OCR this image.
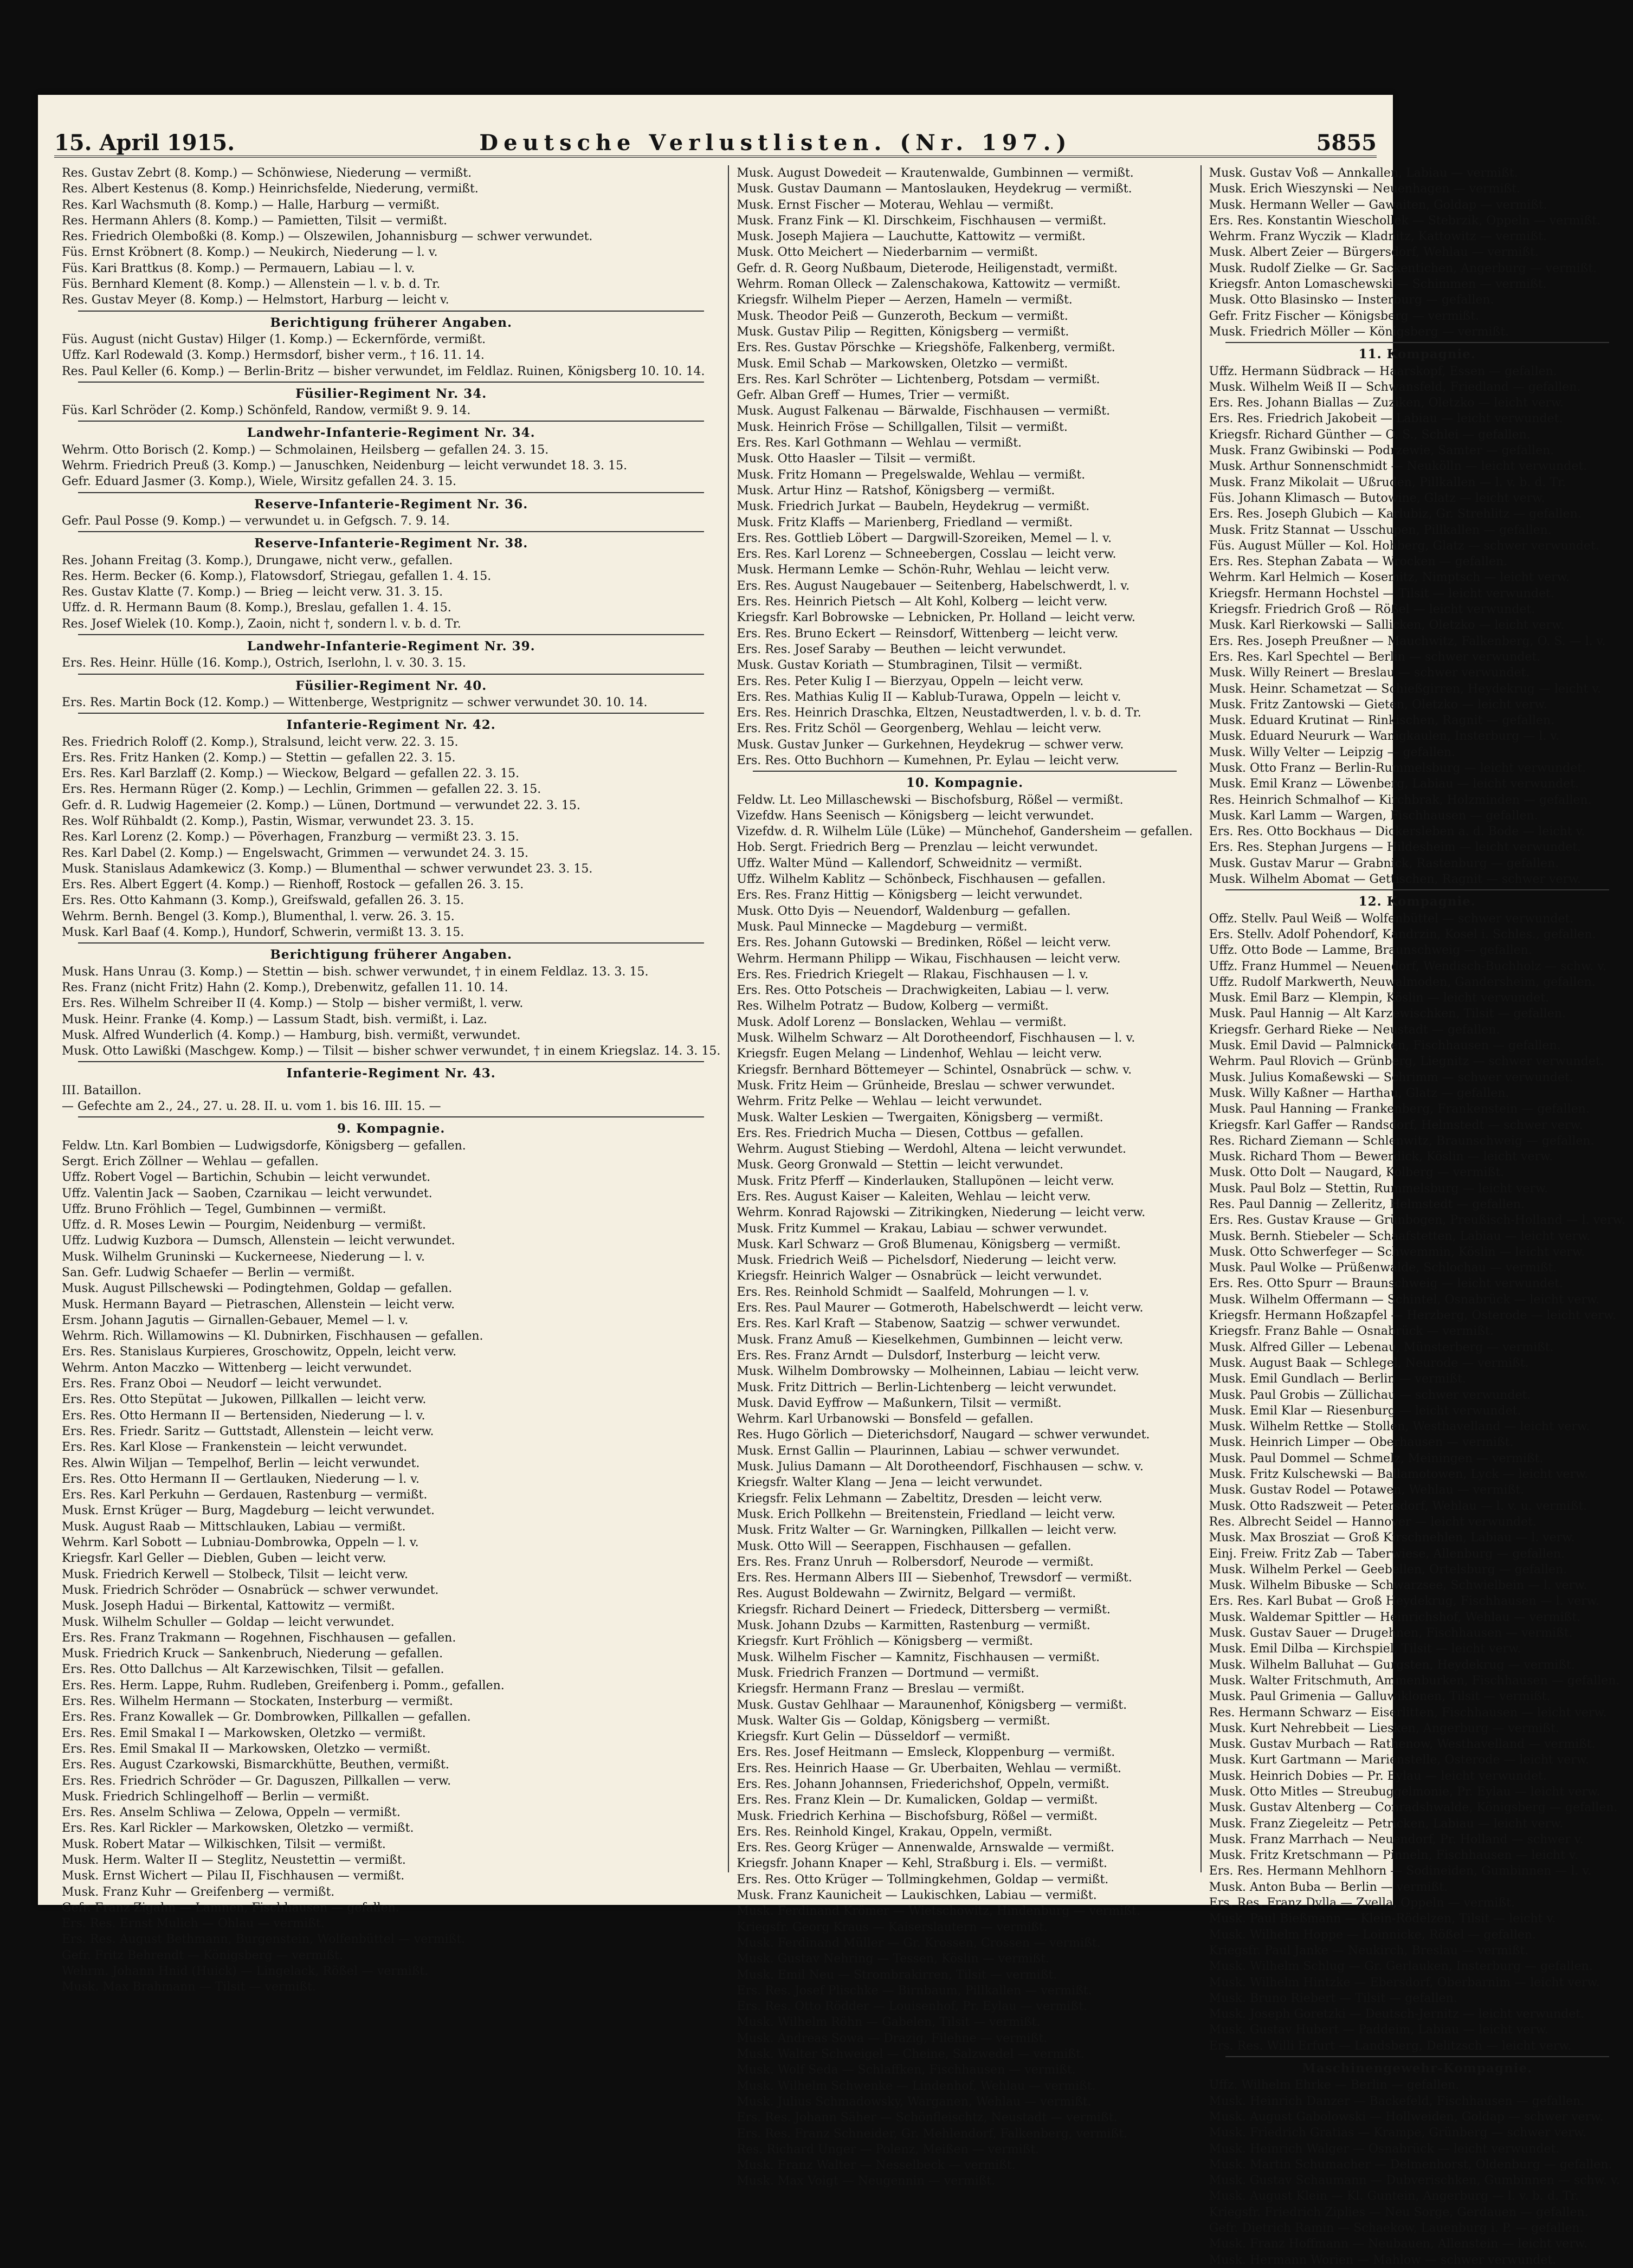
15. April 1915.	Deutsche Verlustlisten. (Nr. 197.)	5855
Res. Gustav Zebrt (8. Komp.) — Schönwiese, Niederung — vermißt.
Res. Albert Kestenus (8. Komp.) Heinrichsfelde, Niederung, vermißt.
Res. Karl Wachsmuth (8. Komp.) — Halle, Harburg — vermißt.
Res. Hermann Ahlers (8. Komp.) — Pamietten, Tilsit — vermißt.
Res. Friedrich Olemboßki (8. Komp.) — Olszewilen, Johannisburg — schwer verwundet.
Füs. Ernst Kröbnert (8. Komp.) — Neukirch, Niederung — l. v.
Füs. Kari Brattkus (8. Komp.) — Permauern, Labiau — l. v.
Füs. Bernhard Klement (8. Komp.) — Allenstein — l. v. b. d. Tr.
Res. Gustav Meyer (8. Komp.) — Helmstort, Harburg — leicht v.
Berichtigung früherer Angaben.
Füs. August (nicht Gustav) Hilger (1. Komp.) — Eckernförde, vermißt.
Uffz. Karl Rodewald (3. Komp.) Hermsdorf, bisher verm., † 16. 11. 14.
Res. Paul Keller (6. Komp.) — Berlin-Britz — bisher verwundet, im Feldlaz. Ruinen, Königsberg 10. 10. 14.
Füsilier-Regiment Nr. 34.
Füs. Karl Schröder (2. Komp.) Schönfeld, Randow, vermißt 9. 9. 14.
Landwehr-Infanterie-Regiment Nr. 34.
Wehrm. Otto Borisch (2. Komp.) — Schmolainen, Heilsberg — gefallen 24. 3. 15.
Wehrm. Friedrich Preuß (3. Komp.) — Januschken, Neidenburg — leicht verwundet 18. 3. 15.
Gefr. Eduard Jasmer (3. Komp.), Wiele, Wirsitz gefallen 24. 3. 15.
Reserve-Infanterie-Regiment Nr. 36.
Gefr. Paul Posse (9. Komp.) — verwundet u. in Gefgsch. 7. 9. 14.
Reserve-Infanterie-Regiment Nr. 38.
Res. Johann Freitag (3. Komp.), Drungawe, nicht verw., gefallen.
Res. Herm. Becker (6. Komp.), Flatowsdorf, Striegau, gefallen 1. 4. 15.
Res. Gustav Klatte (7. Komp.) — Brieg — leicht verw. 31. 3. 15.
Uffz. d. R. Hermann Baum (8. Komp.), Breslau, gefallen 1. 4. 15.
Res. Josef Wielek (10. Komp.), Zaoin, nicht †, sondern l. v. b. d. Tr.
Landwehr-Infanterie-Regiment Nr. 39.
Ers. Res. Heinr. Hülle (16. Komp.), Ostrich, Iserlohn, l. v. 30. 3. 15.
Füsilier-Regiment Nr. 40.
Ers. Res. Martin Bock (12. Komp.) — Wittenberge, Westprignitz — schwer verwundet 30. 10. 14.
Infanterie-Regiment Nr. 42.
Res. Friedrich Roloff (2. Komp.), Stralsund, leicht verw. 22. 3. 15.
Ers. Res. Fritz Hanken (2. Komp.) — Stettin — gefallen 22. 3. 15.
Ers. Res. Karl Barzlaff (2. Komp.) — Wieckow, Belgard — gefallen 22. 3. 15.
Ers. Res. Hermann Rüger (2. Komp.) — Lechlin, Grimmen — gefallen 22. 3. 15.
Gefr. d. R. Ludwig Hagemeier (2. Komp.) — Lünen, Dortmund — verwundet 22. 3. 15.
Res. Wolf Rühbaldt (2. Komp.), Pastin, Wismar, verwundet 23. 3. 15.
Res. Karl Lorenz (2. Komp.) — Pöverhagen, Franzburg — vermißt 23. 3. 15.
Res. Karl Dabel (2. Komp.) — Engelswacht, Grimmen — verwundet 24. 3. 15.
Musk. Stanislaus Adamkewicz (3. Komp.) — Blumenthal — schwer verwundet 23. 3. 15.
Ers. Res. Albert Eggert (4. Komp.) — Rienhoff, Rostock — gefallen 26. 3. 15.
Ers. Res. Otto Kahmann (3. Komp.), Greifswald, gefallen 26. 3. 15.
Wehrm. Bernh. Bengel (3. Komp.), Blumenthal, l. verw. 26. 3. 15.
Musk. Karl Baaf (4. Komp.), Hundorf, Schwerin, vermißt 13. 3. 15.
Berichtigung früherer Angaben.
Musk. Hans Unrau (3. Komp.) — Stettin — bish. schwer verwundet, † in einem Feldlaz. 13. 3. 15.
Res. Franz (nicht Fritz) Hahn (2. Komp.), Drebenwitz, gefallen 11. 10. 14.
Ers. Res. Wilhelm Schreiber II (4. Komp.) — Stolp — bisher vermißt, l. verw.
Musk. Heinr. Franke (4. Komp.) — Lassum Stadt, bish. vermißt, i. Laz.
Musk. Alfred Wunderlich (4. Komp.) — Hamburg, bish. vermißt, verwundet.
Musk. Otto Lawißki (Maschgew. Komp.) — Tilsit — bisher schwer verwundet, † in einem Kriegslaz. 14. 3. 15.
Infanterie-Regiment Nr. 43.
III. Bataillon.
— Gefechte am 2., 24., 27. u. 28. II. u. vom 1. bis 16. III. 15. —
9. Kompagnie.
Feldw. Ltn. Karl Bombien — Ludwigsdorfe, Königsberg — gefallen.
Sergt. Erich Zöllner — Wehlau — gefallen.
Uffz. Robert Vogel — Bartichin, Schubin — leicht verwundet.
Uffz. Valentin Jack — Saoben, Czarnikau — leicht verwundet.
Uffz. Bruno Fröhlich — Tegel, Gumbinnen — vermißt.
Uffz. d. R. Moses Lewin — Pourgim, Neidenburg — vermißt.
Uffz. Ludwig Kuzbora — Dumsch, Allenstein — leicht verwundet.
Musk. Wilhelm Gruninski — Kuckerneese, Niederung — l. v.
San. Gefr. Ludwig Schaefer — Berlin — vermißt.
Musk. August Pillschewski — Podingtehmen, Goldap — gefallen.
Musk. Hermann Bayard — Pietraschen, Allenstein — leicht verw.
Ersm. Johann Jagutis — Girnallen-Gebauer, Memel — l. v.
Wehrm. Rich. Willamowins — Kl. Dubnirken, Fischhausen — gefallen.
Ers. Res. Stanislaus Kurpieres, Groschowitz, Oppeln, leicht verw.
Wehrm. Anton Maczko — Wittenberg — leicht verwundet.
Ers. Res. Franz Oboi — Neudorf — leicht verwundet.
Ers. Res. Otto Stepütat — Jukowen, Pillkallen — leicht verw.
Ers. Res. Otto Hermann II — Bertensiden, Niederung — l. v.
Ers. Res. Friedr. Saritz — Guttstadt, Allenstein — leicht verw.
Ers. Res. Karl Klose — Frankenstein — leicht verwundet.
Res. Alwin Wiljan — Tempelhof, Berlin — leicht verwundet.
Ers. Res. Otto Hermann II — Gertlauken, Niederung — l. v.
Ers. Res. Karl Perkuhn — Gerdauen, Rastenburg — vermißt.
Musk. Ernst Krüger — Burg, Magdeburg — leicht verwundet.
Musk. August Raab — Mittschlauken, Labiau — vermißt.
Wehrm. Karl Sobott — Lubniau-Dombrowka, Oppeln — l. v.
Kriegsfr. Karl Geller — Dieblen, Guben — leicht verw.
Musk. Friedrich Kerwell — Stolbeck, Tilsit — leicht verw.
Musk. Friedrich Schröder — Osnabrück — schwer verwundet.
Musk. Joseph Hadui — Birkental, Kattowitz — vermißt.
Musk. Wilhelm Schuller — Goldap — leicht verwundet.
Ers. Res. Franz Trakmann — Rogehnen, Fischhausen — gefallen.
Musk. Friedrich Kruck — Sankenbruch, Niederung — gefallen.
Ers. Res. Otto Dallchus — Alt Karzewischken, Tilsit — gefallen.
Ers. Res. Herm. Lappe, Ruhm. Rudleben, Greifenberg i. Pomm., gefallen.
Ers. Res. Wilhelm Hermann — Stockaten, Insterburg — vermißt.
Ers. Res. Franz Kowallek — Gr. Dombrowken, Pillkallen — gefallen.
Ers. Res. Emil Smakal I — Markowsken, Oletzko — vermißt.
Ers. Res. Emil Smakal II — Markowsken, Oletzko — vermißt.
Ers. Res. August Czarkowski, Bismarckhütte, Beuthen, vermißt.
Ers. Res. Friedrich Schröder — Gr. Daguszen, Pillkallen — verw.
Musk. Friedrich Schlingelhoff — Berlin — vermißt.
Ers. Res. Anselm Schliwa — Zelowa, Oppeln — vermißt.
Ers. Res. Karl Rickler — Markowsken, Oletzko — vermißt.
Musk. Robert Matar — Wilkischken, Tilsit — vermißt.
Musk. Herm. Walter II — Steglitz, Neustettin — vermißt.
Musk. Ernst Wichert — Pilau II, Fischhausen — vermißt.
Musk. Franz Kuhr — Greifenberg — vermißt.
Gefr. Franz Zigahn — Lamnen, Fischhausen — gefallen.
Ers. Res. Ernst Mulich — Ohlau — vermißt.
Ers. Res. August Bethmann, Burgenstein, Wolfenbüttel — vermißt.
Gefr. Fritz Behrendt — Königsberg — vermißt.
Wehrm. Johann Hnid (Huick) — Lingelack, Rößel — vermißt.
Musk. Max Brahmann — Tilsit — vermißt.
Musk. August Dowedeit — Krautenwalde, Gumbinnen — vermißt.
Musk. Gustav Daumann — Mantoslauken, Heydekrug — vermißt.
Musk. Ernst Fischer — Moterau, Wehlau — vermißt.
Musk. Franz Fink — Kl. Dirschkeim, Fischhausen — vermißt.
Musk. Joseph Majiera — Lauchutte, Kattowitz — vermißt.
Musk. Otto Meichert — Niederbarnim — vermißt.
Gefr. d. R. Georg Nußbaum, Dieterode, Heiligenstadt, vermißt.
Wehrm. Roman Olleck — Zalenschakowa, Kattowitz — vermißt.
Kriegsfr. Wilhelm Pieper — Aerzen, Hameln — vermißt.
Musk. Theodor Peiß — Gunzeroth, Beckum — vermißt.
Musk. Gustav Pilip — Regitten, Königsberg — vermißt.
Ers. Res. Gustav Pörschke — Kriegshöfe, Falkenberg, vermißt.
Musk. Emil Schab — Markowsken, Oletzko — vermißt.
Ers. Res. Karl Schröter — Lichtenberg, Potsdam — vermißt.
Gefr. Alban Greff — Humes, Trier — vermißt.
Musk. August Falkenau — Bärwalde, Fischhausen — vermißt.
Musk. Heinrich Fröse — Schillgallen, Tilsit — vermißt.
Ers. Res. Karl Gothmann — Wehlau — vermißt.
Musk. Otto Haasler — Tilsit — vermißt.
Musk. Fritz Homann — Pregelswalde, Wehlau — vermißt.
Musk. Artur Hinz — Ratshof, Königsberg — vermißt.
Musk. Friedrich Jurkat — Baubeln, Heydekrug — vermißt.
Musk. Fritz Klaffs — Marienberg, Friedland — vermißt.
Ers. Res. Gottlieb Löbert — Dargwill-Szoreiken, Memel — l. v.
Ers. Res. Karl Lorenz — Schneebergen, Cosslau — leicht verw.
Musk. Hermann Lemke — Schön-Ruhr, Wehlau — leicht verw.
Ers. Res. August Naugebauer — Seitenberg, Habelschwerdt, l. v.
Ers. Res. Heinrich Pietsch — Alt Kohl, Kolberg — leicht verw.
Kriegsfr. Karl Bobrowske — Lebnicken, Pr. Holland — leicht verw.
Ers. Res. Bruno Eckert — Reinsdorf, Wittenberg — leicht verw.
Ers. Res. Josef Saraby — Beuthen — leicht verwundet.
Musk. Gustav Koriath — Stumbraginen, Tilsit — vermißt.
Ers. Res. Peter Kulig I — Bierzyau, Oppeln — leicht verw.
Ers. Res. Mathias Kulig II — Kablub-Turawa, Oppeln — leicht v.
Ers. Res. Heinrich Draschka, Eltzen, Neustadtwerden, l. v. b. d. Tr.
Ers. Res. Fritz Schöl — Georgenberg, Wehlau — leicht verw.
Musk. Gustav Junker — Gurkehnen, Heydekrug — schwer verw.
Ers. Res. Otto Buchhorn — Kumehnen, Pr. Eylau — leicht verw.
10. Kompagnie.
Feldw. Lt. Leo Millaschewski — Bischofsburg, Rößel — vermißt.
Vizefdw. Hans Seenisch — Königsberg — leicht verwundet.
Vizefdw. d. R. Wilhelm Lüle (Lüke) — Münchehof, Gandersheim — gefallen.
Hob. Sergt. Friedrich Berg — Prenzlau — leicht verwundet.
Uffz. Walter Münd — Kallendorf, Schweidnitz — vermißt.
Uffz. Wilhelm Kablitz — Schönbeck, Fischhausen — gefallen.
Ers. Res. Franz Hittig — Königsberg — leicht verwundet.
Musk. Otto Dyis — Neuendorf, Waldenburg — gefallen.
Musk. Paul Minnecke — Magdeburg — vermißt.
Ers. Res. Johann Gutowski — Bredinken, Rößel — leicht verw.
Wehrm. Hermann Philipp — Wikau, Fischhausen — leicht verw.
Ers. Res. Friedrich Kriegelt — Rlakau, Fischhausen — l. v.
Ers. Res. Otto Potscheis — Drachwigkeiten, Labiau — l. verw.
Res. Wilhelm Potratz — Budow, Kolberg — vermißt.
Musk. Adolf Lorenz — Bonslacken, Wehlau — vermißt.
Musk. Wilhelm Schwarz — Alt Dorotheendorf, Fischhausen — l. v.
Kriegsfr. Eugen Melang — Lindenhof, Wehlau — leicht verw.
Kriegsfr. Bernhard Böttemeyer — Schintel, Osnabrück — schw. v.
Musk. Fritz Heim — Grünheide, Breslau — schwer verwundet.
Wehrm. Fritz Pelke — Wehlau — leicht verwundet.
Musk. Walter Leskien — Twergaiten, Königsberg — vermißt.
Ers. Res. Friedrich Mucha — Diesen, Cottbus — gefallen.
Wehrm. August Stiebing — Werdohl, Altena — leicht verwundet.
Musk. Georg Gronwald — Stettin — leicht verwundet.
Musk. Fritz Pferff — Kinderlauken, Stallupönen — leicht verw.
Ers. Res. August Kaiser — Kaleiten, Wehlau — leicht verw.
Wehrm. Konrad Rajowski — Zitrikingken, Niederung — leicht verw.
Musk. Fritz Kummel — Krakau, Labiau — schwer verwundet.
Musk. Karl Schwarz — Groß Blumenau, Königsberg — vermißt.
Musk. Friedrich Weiß — Pichelsdorf, Niederung — leicht verw.
Kriegsfr. Heinrich Walger — Osnabrück — leicht verwundet.
Ers. Res. Reinhold Schmidt — Saalfeld, Mohrungen — l. v.
Ers. Res. Paul Maurer — Gotmeroth, Habelschwerdt — leicht verw.
Ers. Res. Karl Kraft — Stabenow, Saatzig — schwer verwundet.
Musk. Franz Amuß — Kieselkehmen, Gumbinnen — leicht verw.
Ers. Res. Franz Arndt — Dulsdorf, Insterburg — leicht verw.
Musk. Wilhelm Dombrowsky — Molheinnen, Labiau — leicht verw.
Musk. Fritz Dittrich — Berlin-Lichtenberg — leicht verwundet.
Musk. David Eyffrow — Maßunkern, Tilsit — vermißt.
Wehrm. Karl Urbanowski — Bonsfeld — gefallen.
Res. Hugo Görlich — Dieterichsdorf, Naugard — schwer verwundet.
Musk. Ernst Gallin — Plaurinnen, Labiau — schwer verwundet.
Musk. Julius Damann — Alt Dorotheendorf, Fischhausen — schw. v.
Kriegsfr. Walter Klang — Jena — leicht verwundet.
Kriegsfr. Felix Lehmann — Zabeltitz, Dresden — leicht verw.
Musk. Erich Pollkehn — Breitenstein, Friedland — leicht verw.
Musk. Fritz Walter — Gr. Warningken, Pillkallen — leicht verw.
Musk. Otto Will — Seerappen, Fischhausen — gefallen.
Ers. Res. Franz Unruh — Rolbersdorf, Neurode — vermißt.
Ers. Res. Hermann Albers III — Siebenhof, Trewsdorf — vermißt.
Res. August Boldewahn — Zwirnitz, Belgard — vermißt.
Kriegsfr. Richard Deinert — Friedeck, Dittersberg — vermißt.
Musk. Johann Dzubs — Karmitten, Rastenburg — vermißt.
Kriegsfr. Kurt Fröhlich — Königsberg — vermißt.
Musk. Wilhelm Fischer — Kamnitz, Fischhausen — vermißt.
Musk. Friedrich Franzen — Dortmund — vermißt.
Kriegsfr. Hermann Franz — Breslau — vermißt.
Musk. Gustav Gehlhaar — Maraunenhof, Königsberg — vermißt.
Musk. Walter Gis — Goldap, Königsberg — vermißt.
Kriegsfr. Kurt Gelin — Düsseldorf — vermißt.
Ers. Res. Josef Heitmann — Emsleck, Kloppenburg — vermißt.
Ers. Res. Heinrich Haase — Gr. Uberbaiten, Wehlau — vermißt.
Ers. Res. Johann Johannsen, Friederichshof, Oppeln, vermißt.
Ers. Res. Franz Klein — Dr. Kumalicken, Goldap — vermißt.
Musk. Friedrich Kerhina — Bischofsburg, Rößel — vermißt.
Ers. Res. Reinhold Kingel, Krakau, Oppeln, vermißt.
Ers. Res. Georg Krüger — Annenwalde, Arnswalde — vermißt.
Kriegsfr. Johann Knaper — Kehl, Straßburg i. Els. — vermißt.
Ers. Res. Otto Krüger — Tollmingkehmen, Goldap — vermißt.
Musk. Franz Kaunicheit — Laukischken, Labiau — vermißt.
Musk. Ferdinand Krömer — Wietschowitz, Hindenburg — vermißt.
Kriegsfr. Georg Kraus — Kaiserslautern — vermißt.
Musk. Ferdinand Müller — Gr. Krossen, Crossen — vermißt.
Musk. Gustav Nehring — Tessen, Köslin — vermißt.
Musk. Emil Neu — Strombrakirren, Tilsit — vermißt.
Ers. Res. Josef Plischke — Birnbaum, Pillkallen — vermißt.
Ers. Res. Otto Rödder — Louisenhof, Pr. Eylau — vermißt.
Musk. Wilhelm Röhn — Gabelen, Tilsit — vermißt.
Musk. Andreas Sowa — Drazig, Filehne — vermißt.
Musk. Walter Schweigel — Cheine, Salzwedel — vermißt.
Musk. Wolf Seda — Schlaffken, Fischhausen — vermißt.
Musk. Wilhelm Schwenke — Lindenhof, Wehlau — vermißt.
Musk. Julius Schmadowsky, Warganen, Wehlau — vermißt.
Ers. Res. Johann Säher — Schönfleischtz, Neustadt — vermißt.
Ers. Res. Franz Schneider, Gr. Mehlendorf, Falkenberg, vermißt.
Res. Richard Unger — Polenz, Meißen — vermißt.
Musk. Franz Walter — Nesselbeck — vermißt.
Musk. Max Voigt — Neugennin — vermißt.
Musk. Gustav Voß — Annkallen, Labiau — vermißt.
Musk. Erich Wieszynski — Neuenhagen — vermißt.
Musk. Hermann Weller — Gawaiten, Goldap — vermißt.
Ers. Res. Konstantin Wieschollek — Stebrzik, Oppeln — vermißt.
Wehrm. Franz Wyczik — Kladnitz, Kattowitz — vermißt.
Musk. Albert Zeier — Bürgersdorf, Wehlau — vermißt.
Musk. Rudolf Zielke — Gr. Sackentichen, Angerburg — vermißt.
Kriegsfr. Anton Lomaschewski — Schimmen — vermißt.
Musk. Otto Blasinsko — Insterburg — gefallen.
Gefr. Fritz Fischer — Königsberg — vermißt.
Musk. Friedrich Möller — Königsberg — vermißt.
11. Kompagnie.
Uffz. Hermann Südbrack — Haarskopf, Essen — gefallen.
Musk. Wilhelm Weiß II — Schwansfeld, Friedland — gefallen.
Ers. Res. Johann Biallas — Zuziken, Oletzko — leicht verw.
Ers. Res. Friedrich Jakobeit — Labiau — leicht verwundet.
Kriegsfr. Richard Günther — O. S., Schlei — gefallen.
Musk. Franz Gwibinski — Podrzewie, Samter — gefallen.
Musk. Arthur Sonnenschmidt — Neukölln — leicht verwundet.
Musk. Franz Mikolait — Ußruden, Pillkallen — l. v. b. d. Tr.
Füs. Johann Klimasch — Butowine, Glatz — leicht verw.
Ers. Res. Joseph Glubich — Karlubiz, Gr. Strehlitz — gefallen.
Musk. Fritz Stannat — Usschupen, Pillkallen — gefallen.
Füs. August Müller — Kol. Hohberg, Glatz — schwer verwundet.
Ers. Res. Stephan Zabata — Wrocken — gefallen.
Wehrm. Karl Helmich — Kosemitz, Nimptsch — leicht verw.
Kriegsfr. Hermann Hochstel — Tilsit — leicht verwundet.
Kriegsfr. Friedrich Groß — Rößel — leicht verwundet.
Musk. Karl Rierkowski — Sallicken, Oletzko — leicht verw.
Ers. Res. Joseph Preußner — Mauchwitz, Falkenberg, O. S. — l. v.
Ers. Res. Karl Spechtel — Berlin — schwer verwundet.
Musk. Willy Reinert — Breslau — schwer verwundet.
Musk. Heinr. Schametzat — Schießgirren, Heydekrug — leicht v.
Musk. Fritz Zantowski — Gieten, Oletzko — leicht verw.
Musk. Eduard Krutinat — Rinkischen, Ragnit — gefallen.
Musk. Eduard Neururk — Wanigkaulen, Insterburg — l. v.
Musk. Willy Velter — Leipzig — gefallen.
Musk. Otto Franz — Berlin-Rummelsburg — leicht verwundet.
Musk. Emil Kranz — Löwenberg, Labiau — leicht verwundet.
Res. Heinrich Schmalhof — Kirchbrak, Holzminden — gefallen.
Musk. Karl Lamm — Wargen, Fischhausen — gefallen.
Ers. Res. Otto Bockhaus — Dickersleben a. d. Bode — leicht v.
Ers. Res. Stephan Jurgens — Hildesheim — leicht verwundet.
Musk. Gustav Marur — Grabnick, Rastenburg — gefallen.
Musk. Wilhelm Abomat — Gettischen, Ragnit — schwer verw.
12. Kompagnie.
Offz. Stellv. Paul Weiß — Wolfenbüttel — schwer verwundet.
Ers. Stellv. Adolf Pohendorf, Kandrzin, Kosel i. Schles., gefallen.
Uffz. Otto Bode — Lamme, Braunschweig — gefallen.
Uffz. Franz Hummel — Neuendorf, Wendisch-Buchholz — schw. v.
Uffz. Rudolf Markwerth, Neuwalmoden, Gandersheim, gefallen.
Musk. Emil Barz — Klempin, Köslin — leicht verwundet.
Musk. Paul Hannig — Alt Karzewischken, Tilsit — gefallen.
Kriegsfr. Gerhard Rieke — Neustadt — gefallen.
Musk. Emil David — Palmnicken, Fischhausen — gefallen.
Wehrm. Paul Rlovich — Grünberg, Liegnitz — schwer verwundet.
Musk. Julius Komaßewski — Schrimm — schwer verwundet.
Musk. Willy Kaßner — Harthau, Glatz — gefallen.
Musk. Paul Hanning — Frankenberg, Frankenstein — gefallen.
Kriegsfr. Karl Gaffer — Randsdorf, Helmstedt — schwer verw.
Res. Richard Ziemann — Schlenwitz, Braunschweig — gefallen.
Musk. Richard Thom — Bewerdick, Köslin — leicht verw.
Musk. Otto Dolt — Naugard, Kolberg — vermißt.
Musk. Paul Bolz — Stettin, Rummelsburg — leicht verw.
Res. Paul Dannig — Zelleritz, Helmstedt — gefallen.
Ers. Res. Gustav Krause — Grünbogen, Preußisch-Holland — l. verw.
Musk. Bernh. Stiebeler — Schaafstetten, Labiau — leicht verw.
Musk. Otto Schwerfeger — Schwemmin, Köslin — leicht verw.
Musk. Paul Wolke — Prüßenwalde, Schlochau — vermißt.
Ers. Res. Otto Spurr — Braunschweig — leicht verwundet.
Musk. Wilhelm Offermann — Schintel, Osnabrück — leicht verw.
Kriegsfr. Hermann Hoßzapfel — Herzberg, Osterode — leicht verw.
Kriegsfr. Franz Bahle — Osnabrück — vermißt.
Musk. Alfred Giller — Lebenau, Münsterberg — vermißt.
Musk. August Baak — Schlegel, Neurode — vermißt.
Musk. Emil Gundlach — Berlin — vermißt.
Musk. Paul Grobis — Züllichau — schwer verwundet.
Musk. Emil Klar — Riesenburg — leicht verwundet.
Musk. Wilhelm Rettke — Stollen, Westhavelland — leicht verw.
Musk. Heinrich Limper — Oberhausen — vermißt.
Musk. Paul Dommel — Schmelz, Meiningen — vermißt.
Musk. Fritz Kulschewski — Ballamotowen, Lyck — leicht verw.
Musk. Gustav Rodel — Potawen, Wehlau — vermißt.
Musk. Otto Radszweit — Petersdorf, Wehlau — l. v. u. vermißt.
Res. Albrecht Seidel — Hannover — leicht verwundet.
Musk. Max Brosziat — Groß Kirschnehlen, Labiau — l. verw.
Einj. Freiw. Fritz Zab — Taberwiese, Allenburg — gefallen.
Musk. Wilhelm Perkel — Geebellen, Ortelsburg — gefallen.
Musk. Wilhelm Bibuske — Schwarzsee, Schwielbein — l. verw.
Ers. Res. Karl Bubat — Groß Heydekrug, Fischhausen — l. verw.
Musk. Waldemar Spittler — Heinrichshof, Wehlau — vermißt.
Musk. Gustav Sauer — Drugehnen, Fischhausen — vermißt.
Musk. Emil Dilba — Kirchspiel, Tilsit — leicht verw.
Musk. Wilhelm Balluhat — Gurgsten, Heydekrug — vermißt.
Musk. Walter Fritschmuth, Ammenburken, Fischhausen — gefallen.
Musk. Paul Grimenia — Galluwiklonen, Tilsit — vermißt.
Res. Hermann Schwarz — Eiserlitten, Fischhausen — leicht verw.
Musk. Kurt Nehrebbeit — Liesken, Angerburg — vermißt.
Musk. Gustav Murbach — Rathenow, Westhavelland — vermißt.
Musk. Kurt Gartmann — Marienstelle, Osterode — leicht verw.
Musk. Heinrich Dobies — Pr. Eylau — leicht verwundet.
Musk. Otto Mitles — Streubuggelmonie, Pr. Eylau — leicht verw.
Musk. Gustav Altenberg — Conradshwalde, Königsberg — gefallen.
Musk. Franz Ziegeleitz — Petricken, Labiau — leicht verw.
Musk. Franz Marrhach — Neuendorf, Pr. Holland — schwer v.
Musk. Fritz Kretschmann — Pinneln, Fischhausen — leicht v.
Ers. Res. Hermann Mehlhorn — Sodineiden, Gumbinnen — l. v.
Musk. Anton Buba — Berlin — vermißt.
Ers. Res. Franz Dylla — Zyella, Oppeln — vermißt.
Musk. Paul Bießmann — Klein-Rödelzen, Tilsit — leicht v.
Musk. Wilhelm Hoppe — Loinnicke, Rößel — gefallen.
Kriegsfr. Paul Janke — Neukirch, Breslau — vermißt.
Musk. Wilhelm Schlug — Gr. Gerlauken, Insterburg — gefallen.
Musk. Wilhelm Hintzke — Ebersdorf, Oberbarnim — leicht verw.
Musk. Bruno Riebert — Tilsit — gefallen.
Musk. Joseph Goretzki — Deutsch-Jernitz — leicht verwundet.
Musk. Gustav Hubert — Paddeim, Labiau — leicht verw.
Ers. Res. Willi Erfurt — Landsberg, Delitzsch — leicht verw.
Maschinengewehr-Kompagnie.
Uffz. Wilhelm Ehrke — Berlin — gefallen.
Musk. Heinrich Danzer — Backefeld, Fischhausen — gefallen.
Musk. August Gabolowski — Hollweiden, Goldap — schwer verw.
Musk. Friedrich Gratias — Krampe, Grünberg — schwer verw.
Musk. Heinrich Walger — Osnabrück — leicht verwundet.
Musk. Martin Schumacher — Delmenhorst, Oldenburg — gefallen.
Musk. Gustav Schaumann — Dubverischken, Gumbinnen — schw. v.
Musk. August Klein — Kl. Guntein, Angerburg — l. v. b. d. Tr.
Kriegsfr. Friedrich Ziplies — Neu Sorge, Gerdauen — gefallen.
Gefr. Dietrich Ramin — Schaekow, Lauenburg i. P. — gefallen.
Musk. Franz Hoffmann — Neubauen, Allenstein — leicht verw.
Musk. Hermann Worien — Mahlow — schwer verwundet.
